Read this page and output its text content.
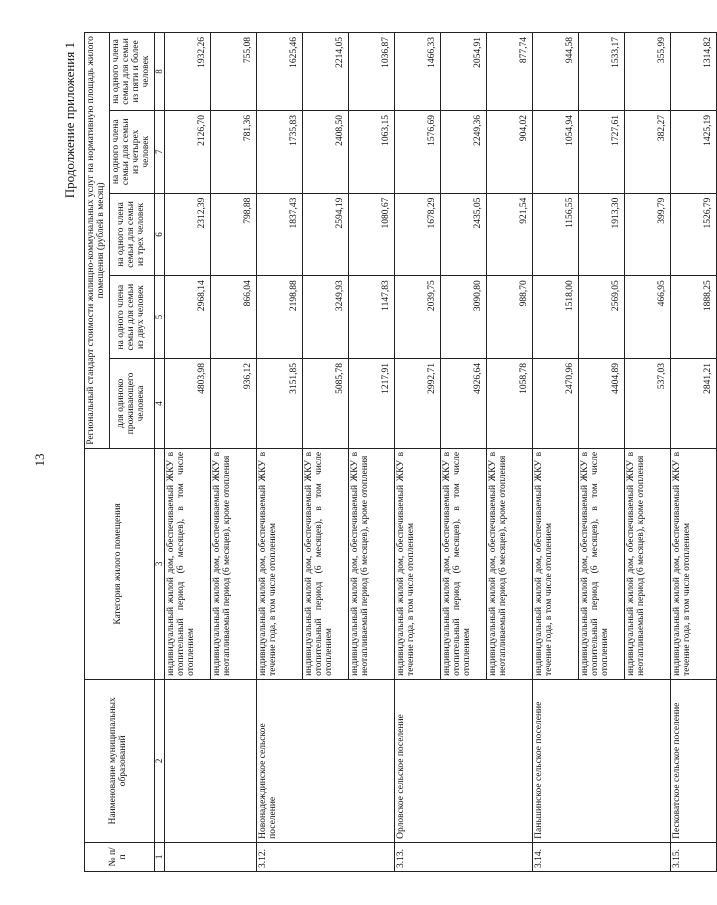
13
Продолжение приложения 1
№ п/п	Наименование муниципальных образований	Категория жилого помещения	Региональный стандарт стоимости жилищно-коммунальных услуг на нормативную площадь жилого помещения (рублей в месяц)				
			для одиноко проживающего человека	на одного члена семьи для семьи из двух человек	на одного члена семьи для семьи из трех человек	на одного члена семьи для семьи из четырех человек	на одного члена семьи для семьи из пяти и более человек
1	2	3	4	5	6	7	8
		индивидуальный жилой дом, обеспечиваемый ЖКУ в отопительный период (6 месяцев), в том числе отоплением	4803,98	2968,14	2312,39	2126,70	1932,26
		индивидуальный жилой дом, обеспечиваемый ЖКУ в неотапливаемый период (6 месяцев), кроме отопления	936,12	866,04	798,88	781,36	755,08
3.12.	Новонадеждинское сельское поселение	индивидуальный жилой дом, обеспечиваемый ЖКУ в течение года, в том числе отоплением	3151,85	2198,88	1837,43	1735,83	1625,46
		индивидуальный жилой дом, обеспечиваемый ЖКУ в отопительный период (6 месяцев), в том числе отоплением	5085,78	3249,93	2594,19	2408,50	2214,05
		индивидуальный жилой дом, обеспечиваемый ЖКУ в неотапливаемый период (6 месяцев), кроме отопления	1217,91	1147,83	1080,67	1063,15	1036,87
3.13.	Орловское сельское поселение	индивидуальный жилой дом, обеспечиваемый ЖКУ в течение года, в том числе отоплением	2992,71	2039,75	1678,29	1576,69	1466,33
		индивидуальный жилой дом, обеспечиваемый ЖКУ в отопительный период (6 месяцев), в том числе отоплением	4926,64	3090,80	2435,05	2249,36	2054,91
		индивидуальный жилой дом, обеспечиваемый ЖКУ в неотапливаемый период (6 месяцев), кроме отопления	1058,78	988,70	921,54	904,02	877,74
3.14.	Паньшинское сельское поселение	индивидуальный жилой дом, обеспечиваемый ЖКУ в течение года, в том числе отоплением	2470,96	1518,00	1156,55	1054,94	944,58
		индивидуальный жилой дом, обеспечиваемый ЖКУ в отопительный период (6 месяцев), в том числе отоплением	4404,89	2569,05	1913,30	1727,61	1533,17
		индивидуальный жилой дом, обеспечиваемый ЖКУ в неотапливаемый период (6 месяцев), кроме отопления	537,03	466,95	399,79	382,27	355,99
3.15.	Песковатское сельское поселение	индивидуальный жилой дом, обеспечиваемый ЖКУ в течение года, в том числе отоплением	2841,21	1888,25	1526,79	1425,19	1314,82
